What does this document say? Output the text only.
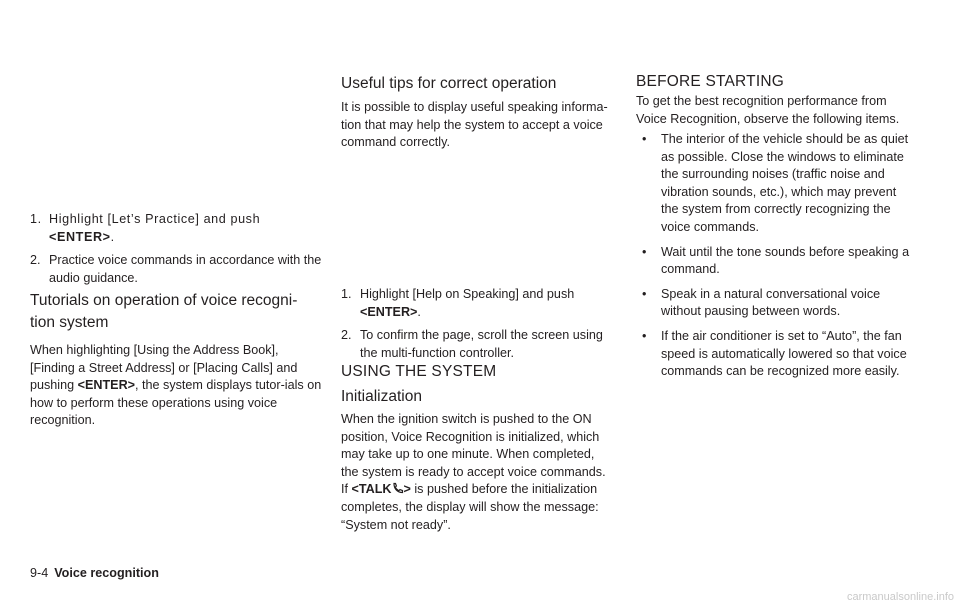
1. Highlight [Let’s Practice] and push <ENTER>.
2. Practice voice commands in accordance with the audio guidance.
Tutorials on operation of voice recogni-tion system

When highlighting [Using the Address Book], [Finding a Street Address] or [Placing Calls] and pushing <ENTER>, the system displays tutor-ials on how to perform these operations using voice recognition.

Useful tips for correct operation

It is possible to display useful speaking informa-tion that may help the system to accept a voice command correctly.

1. Highlight [Help on Speaking] and push <ENTER>.
2. To confirm the page, scroll the screen using the multi-function controller.
USING THE SYSTEM
Initialization

When the ignition switch is pushed to the ON position, Voice Recognition is initialized, which may take up to one minute. When completed, the system is ready to accept voice commands. If <TALK > is pushed before the initialization completes, the display will show the message: “System not ready”.

BEFORE STARTING

To get the best recognition performance from Voice Recognition, observe the following items.

• The interior of the vehicle should be as quiet as possible. Close the windows to eliminate the surrounding noises (traffic noise and vibration sounds, etc.), which may prevent the system from correctly recognizing the voice commands.
• Wait until the tone sounds before speaking a command.
• Speak in a natural conversational voice without pausing between words.
• If the air conditioner is set to “Auto”, the fan speed is automatically lowered so that voice commands can be recognized more easily.
9-4 Voice recognition
carmanualsonline.info
